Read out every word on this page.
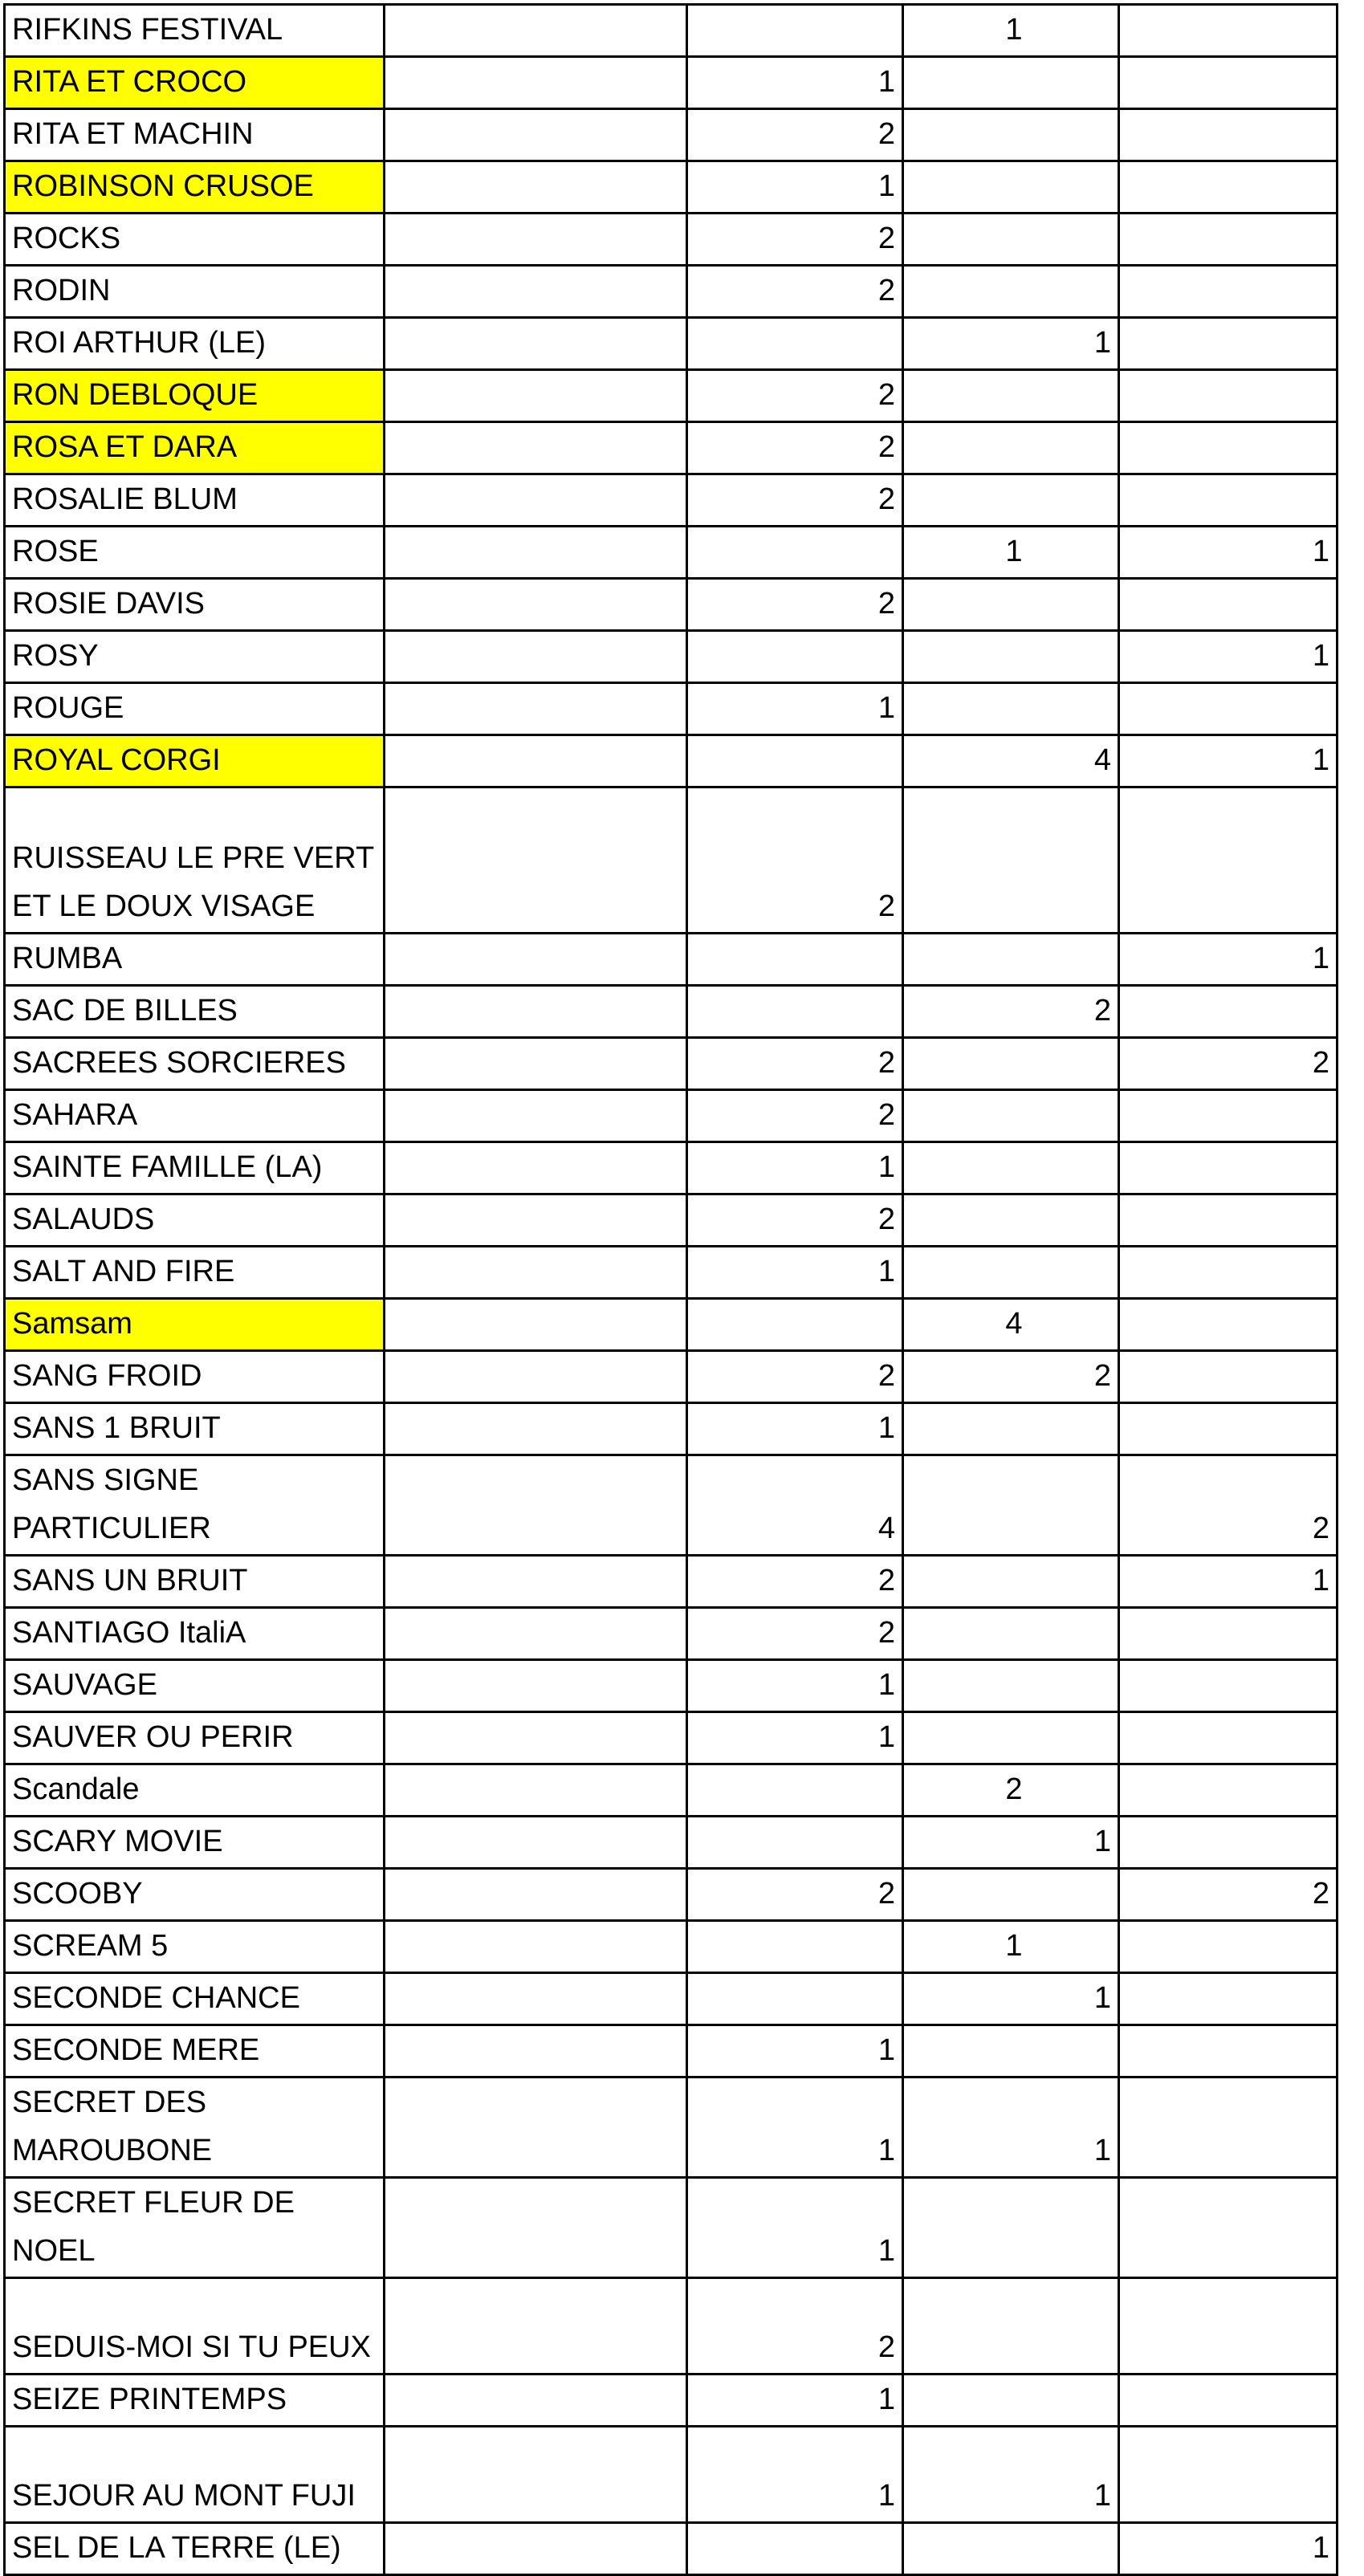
RIFKINS FESTIVAL			1	
RITA ET CROCO		1		
RITA ET MACHIN		2		
ROBINSON CRUSOE		1		
ROCKS		2		
RODIN		2		
ROI ARTHUR (LE)			1	
RON DEBLOQUE		2		
ROSA ET DARA		2		
ROSALIE BLUM		2		
ROSE			1	1
ROSIE DAVIS		2		
ROSY				1
ROUGE		1		
ROYAL CORGI			4	1
RUISSEAU LE PRE VERT
ET LE DOUX VISAGE		2		
RUMBA				1
SAC DE BILLES			2	
SACREES SORCIERES		2		2
SAHARA		2		
SAINTE FAMILLE (LA)		1		
SALAUDS		2		
SALT AND FIRE		1		
Samsam			4	
SANG FROID		2	2	
SANS 1 BRUIT		1		
SANS SIGNE
PARTICULIER		4		2
SANS UN BRUIT		2		1
SANTIAGO ItaliA		2		
SAUVAGE		1		
SAUVER OU PERIR		1		
Scandale			2	
SCARY MOVIE			1	
SCOOBY		2		2
SCREAM 5			1	
SECONDE CHANCE			1	
SECONDE MERE		1		
SECRET DES
MAROUBONE		1	1	
SECRET FLEUR DE NOEL		1		
SEDUIS-MOI SI TU PEUX		2		
SEIZE PRINTEMPS		1		
SEJOUR AU MONT FUJI		1	1	
SEL DE LA TERRE (LE)				1
